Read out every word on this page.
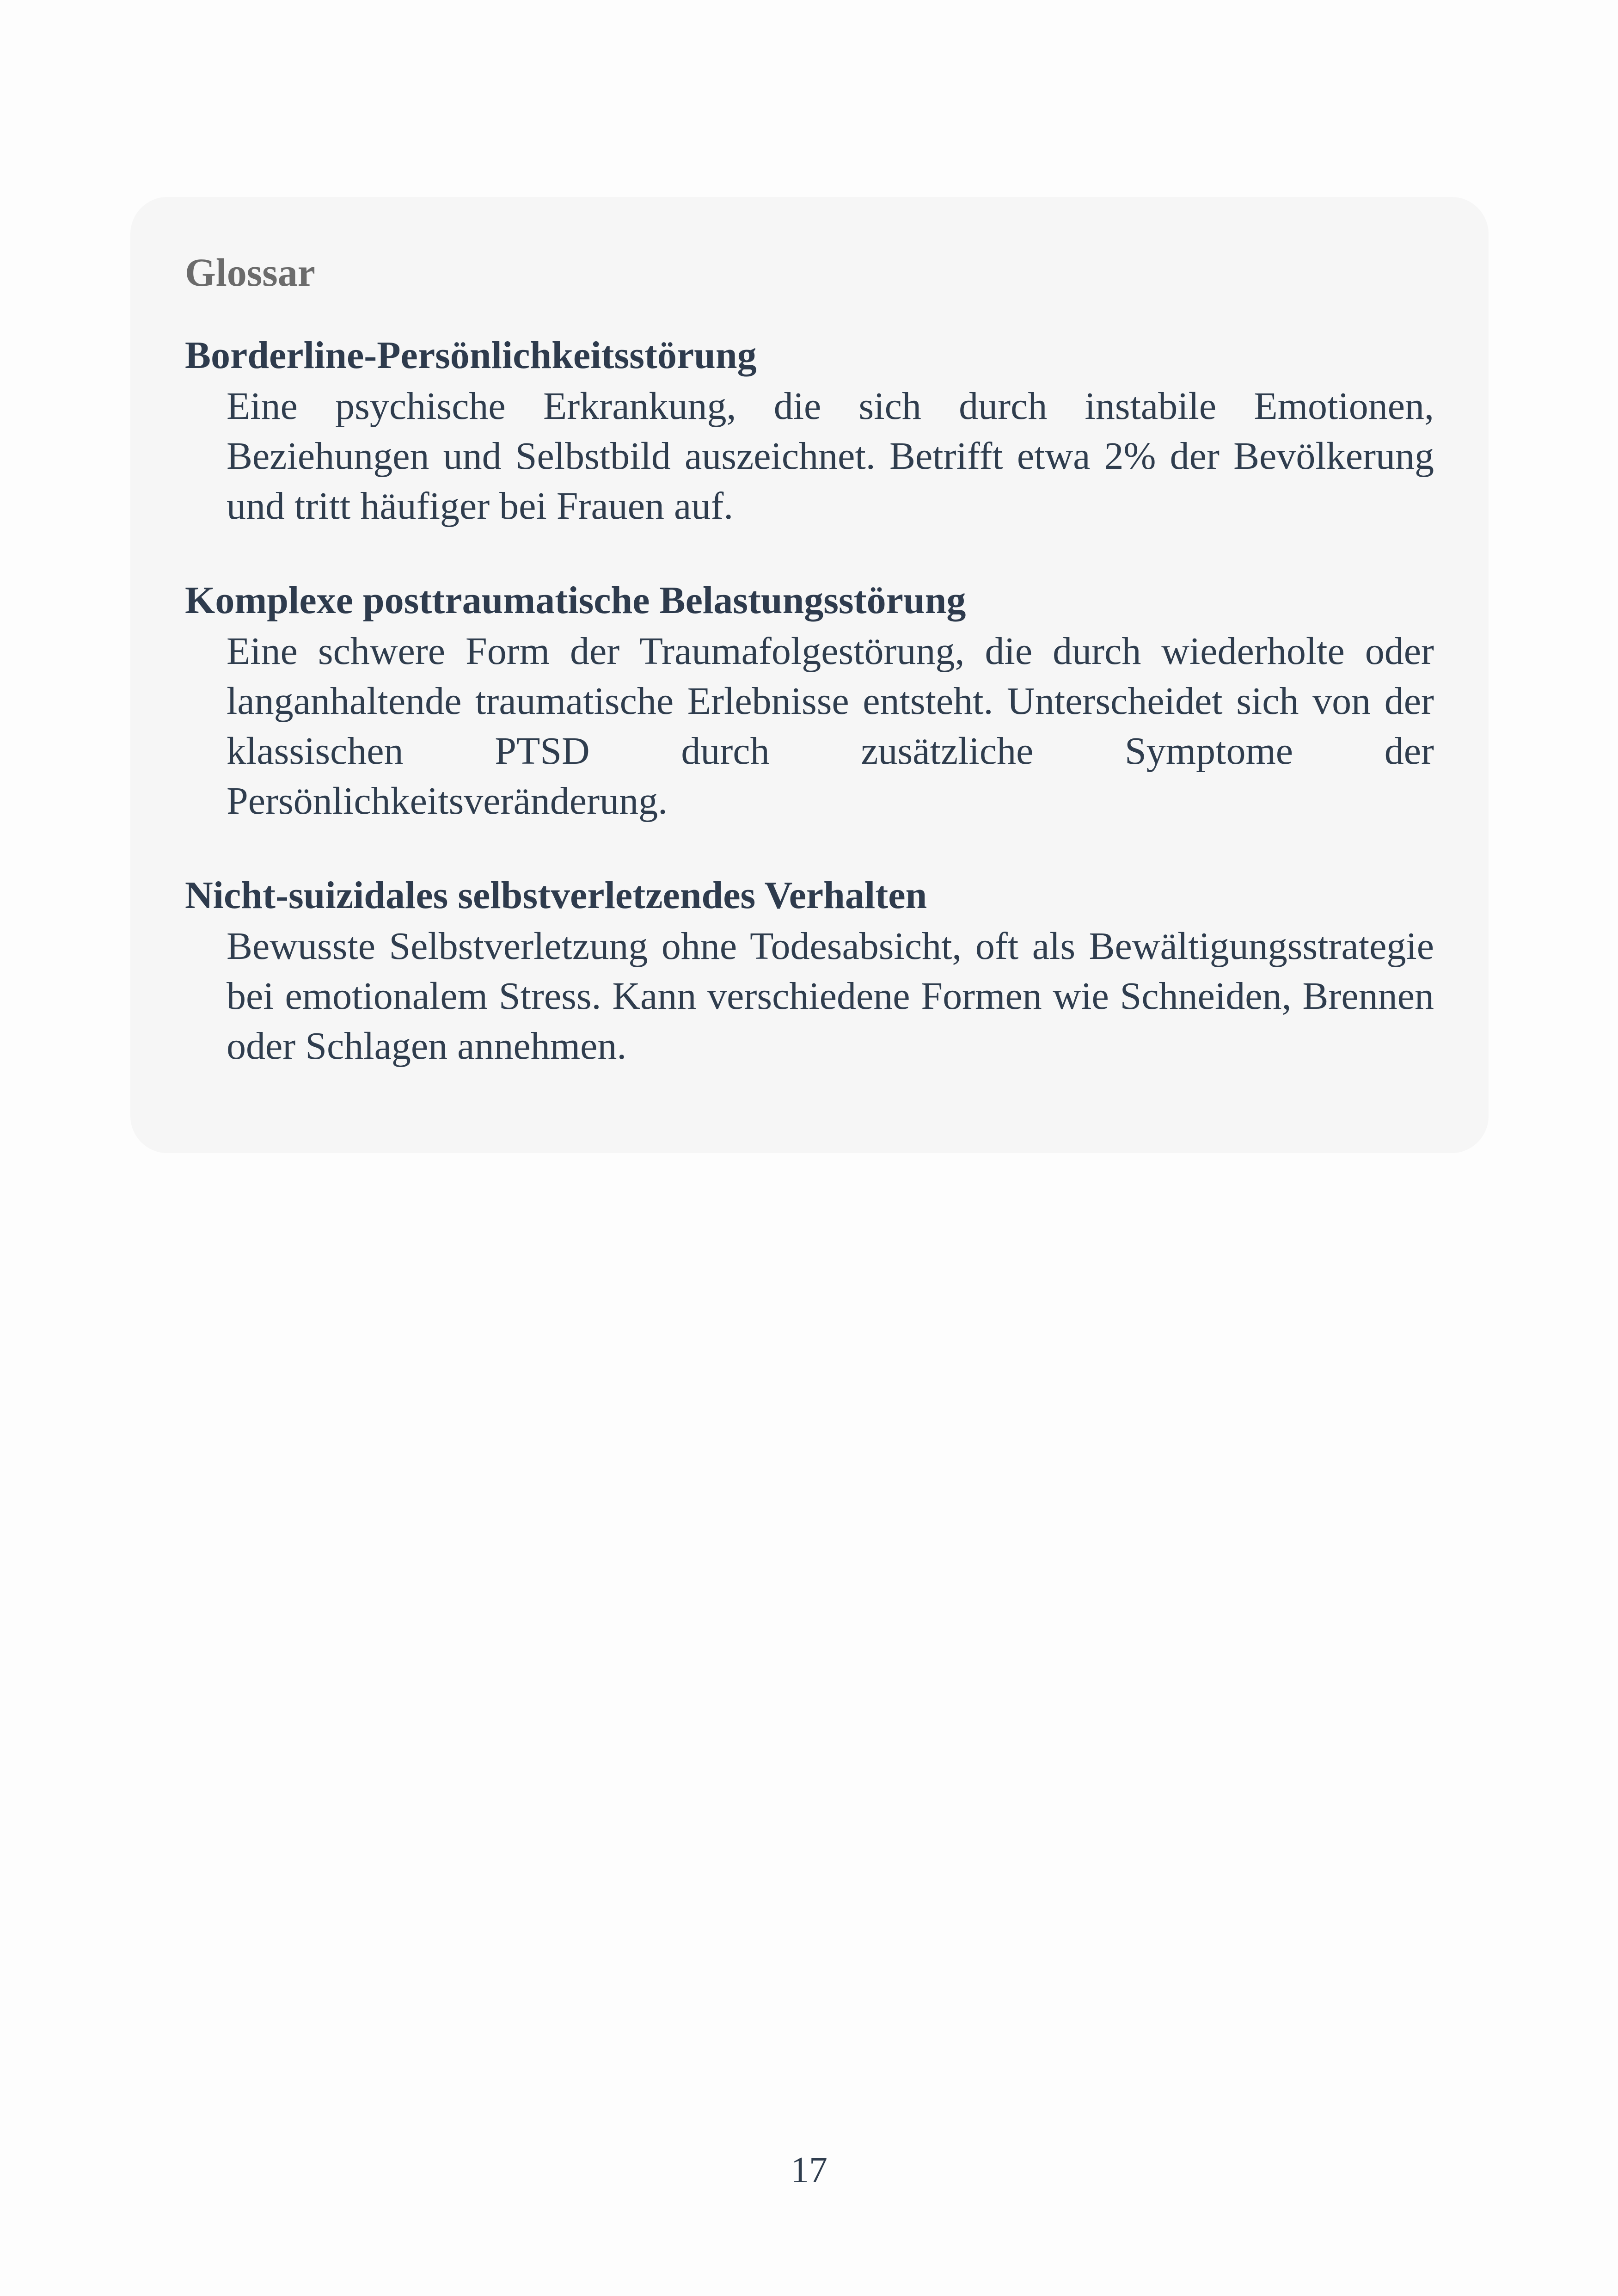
Glossar
Borderline-Persönlichkeitsstörung
Eine psychische Erkrankung, die sich durch instabile Emotionen, Beziehungen und Selbstbild auszeichnet. Betrifft etwa 2% der Bevölkerung und tritt häufiger bei Frauen auf.
Komplexe posttraumatische Belastungsstörung
Eine schwere Form der Traumafolgestörung, die durch wiederholte oder langanhaltende traumatische Erlebnisse entsteht. Unterscheidet sich von der klassischen PTSD durch zusätzliche Symptome der Persönlichkeitsveränderung.
Nicht-suizidales selbstverletzendes Verhalten
Bewusste Selbstverletzung ohne Todesabsicht, oft als Bewältigungsstrategie bei emotionalem Stress. Kann verschiedene Formen wie Schneiden, Brennen oder Schlagen annehmen.
17
